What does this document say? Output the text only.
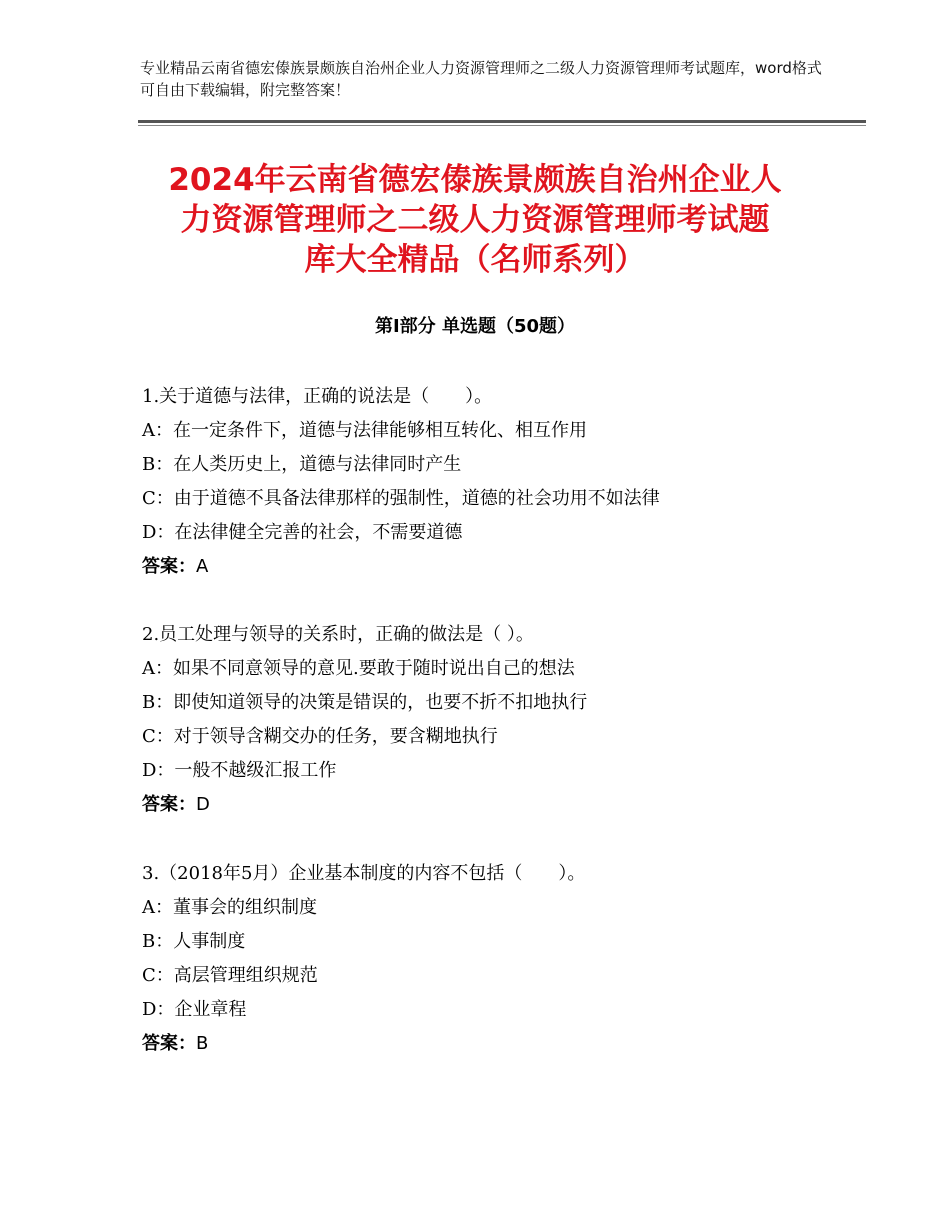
专业精品云南省德宏傣族景颇族自治州企业人力资源管理师之二级人力资源管理师考试题库，word格式可自由下载编辑，附完整答案！
2024年云南省德宏傣族景颇族自治州企业人
力资源管理师之二级人力资源管理师考试题
库大全精品（名师系列）
第Ⅰ部分 单选题（50题）
1.关于道德与法律，正确的说法是（　　）。
A：在一定条件下，道德与法律能够相互转化、相互作用
B：在人类历史上，道德与法律同时产生
C：由于道德不具备法律那样的强制性，道德的社会功用不如法律
D：在法律健全完善的社会，不需要道德
答案：A
2.员工处理与领导的关系时，正确的做法是（ ）。
A：如果不同意领导的意见.要敢于随时说出自己的想法
B：即使知道领导的决策是错误的，也要不折不扣地执行
C：对于领导含糊交办的任务，要含糊地执行
D：一般不越级汇报工作
答案：D
3.（2018年5月）企业基本制度的内容不包括（　　）。
A：董事会的组织制度
B：人事制度
C：高层管理组织规范
D：企业章程
答案：B
